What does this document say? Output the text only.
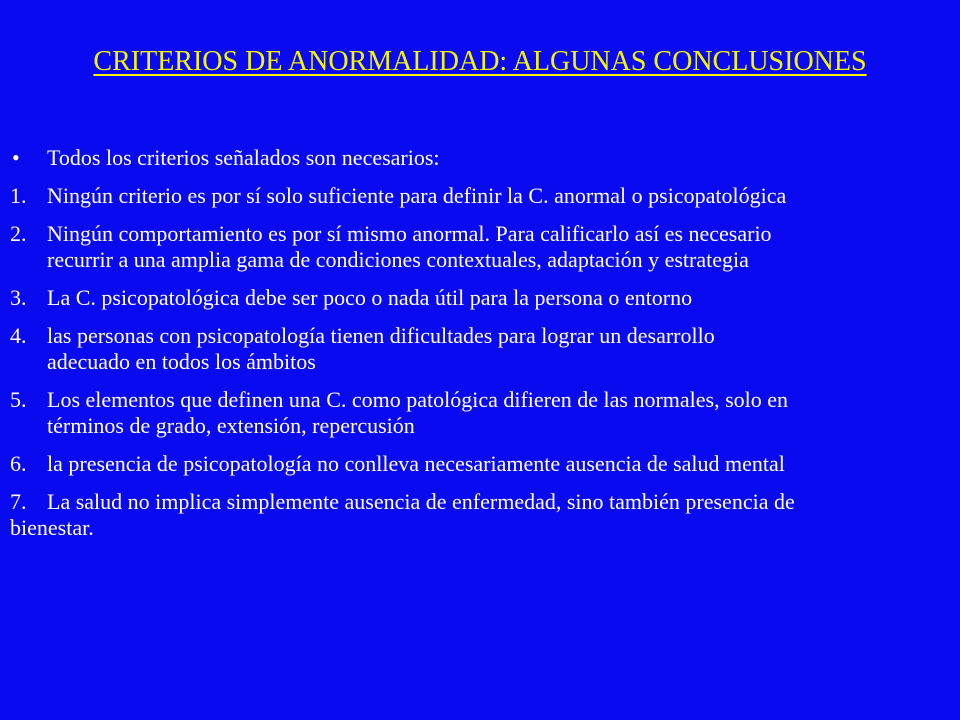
CRITERIOS DE ANORMALIDAD: ALGUNAS CONCLUSIONES
• Todos los criterios señalados son necesarios:
1. Ningún criterio es por sí solo suficiente para definir la C. anormal o psicopatológica
2. Ningún comportamiento es por sí mismo anormal. Para calificarlo así es necesario
recurrir a una amplia gama de condiciones contextuales, adaptación y estrategia
3. La C. psicopatológica debe ser poco o nada útil para la persona o entorno
4. las personas con psicopatología tienen dificultades para lograr un desarrollo
adecuado en todos los ámbitos
5. Los elementos que definen una C. como patológica difieren de las normales, solo en
términos de grado, extensión, repercusión
6. la presencia de psicopatología no conlleva necesariamente ausencia de salud mental
7. La salud no implica simplemente ausencia de enfermedad, sino también presencia de
bienestar.
